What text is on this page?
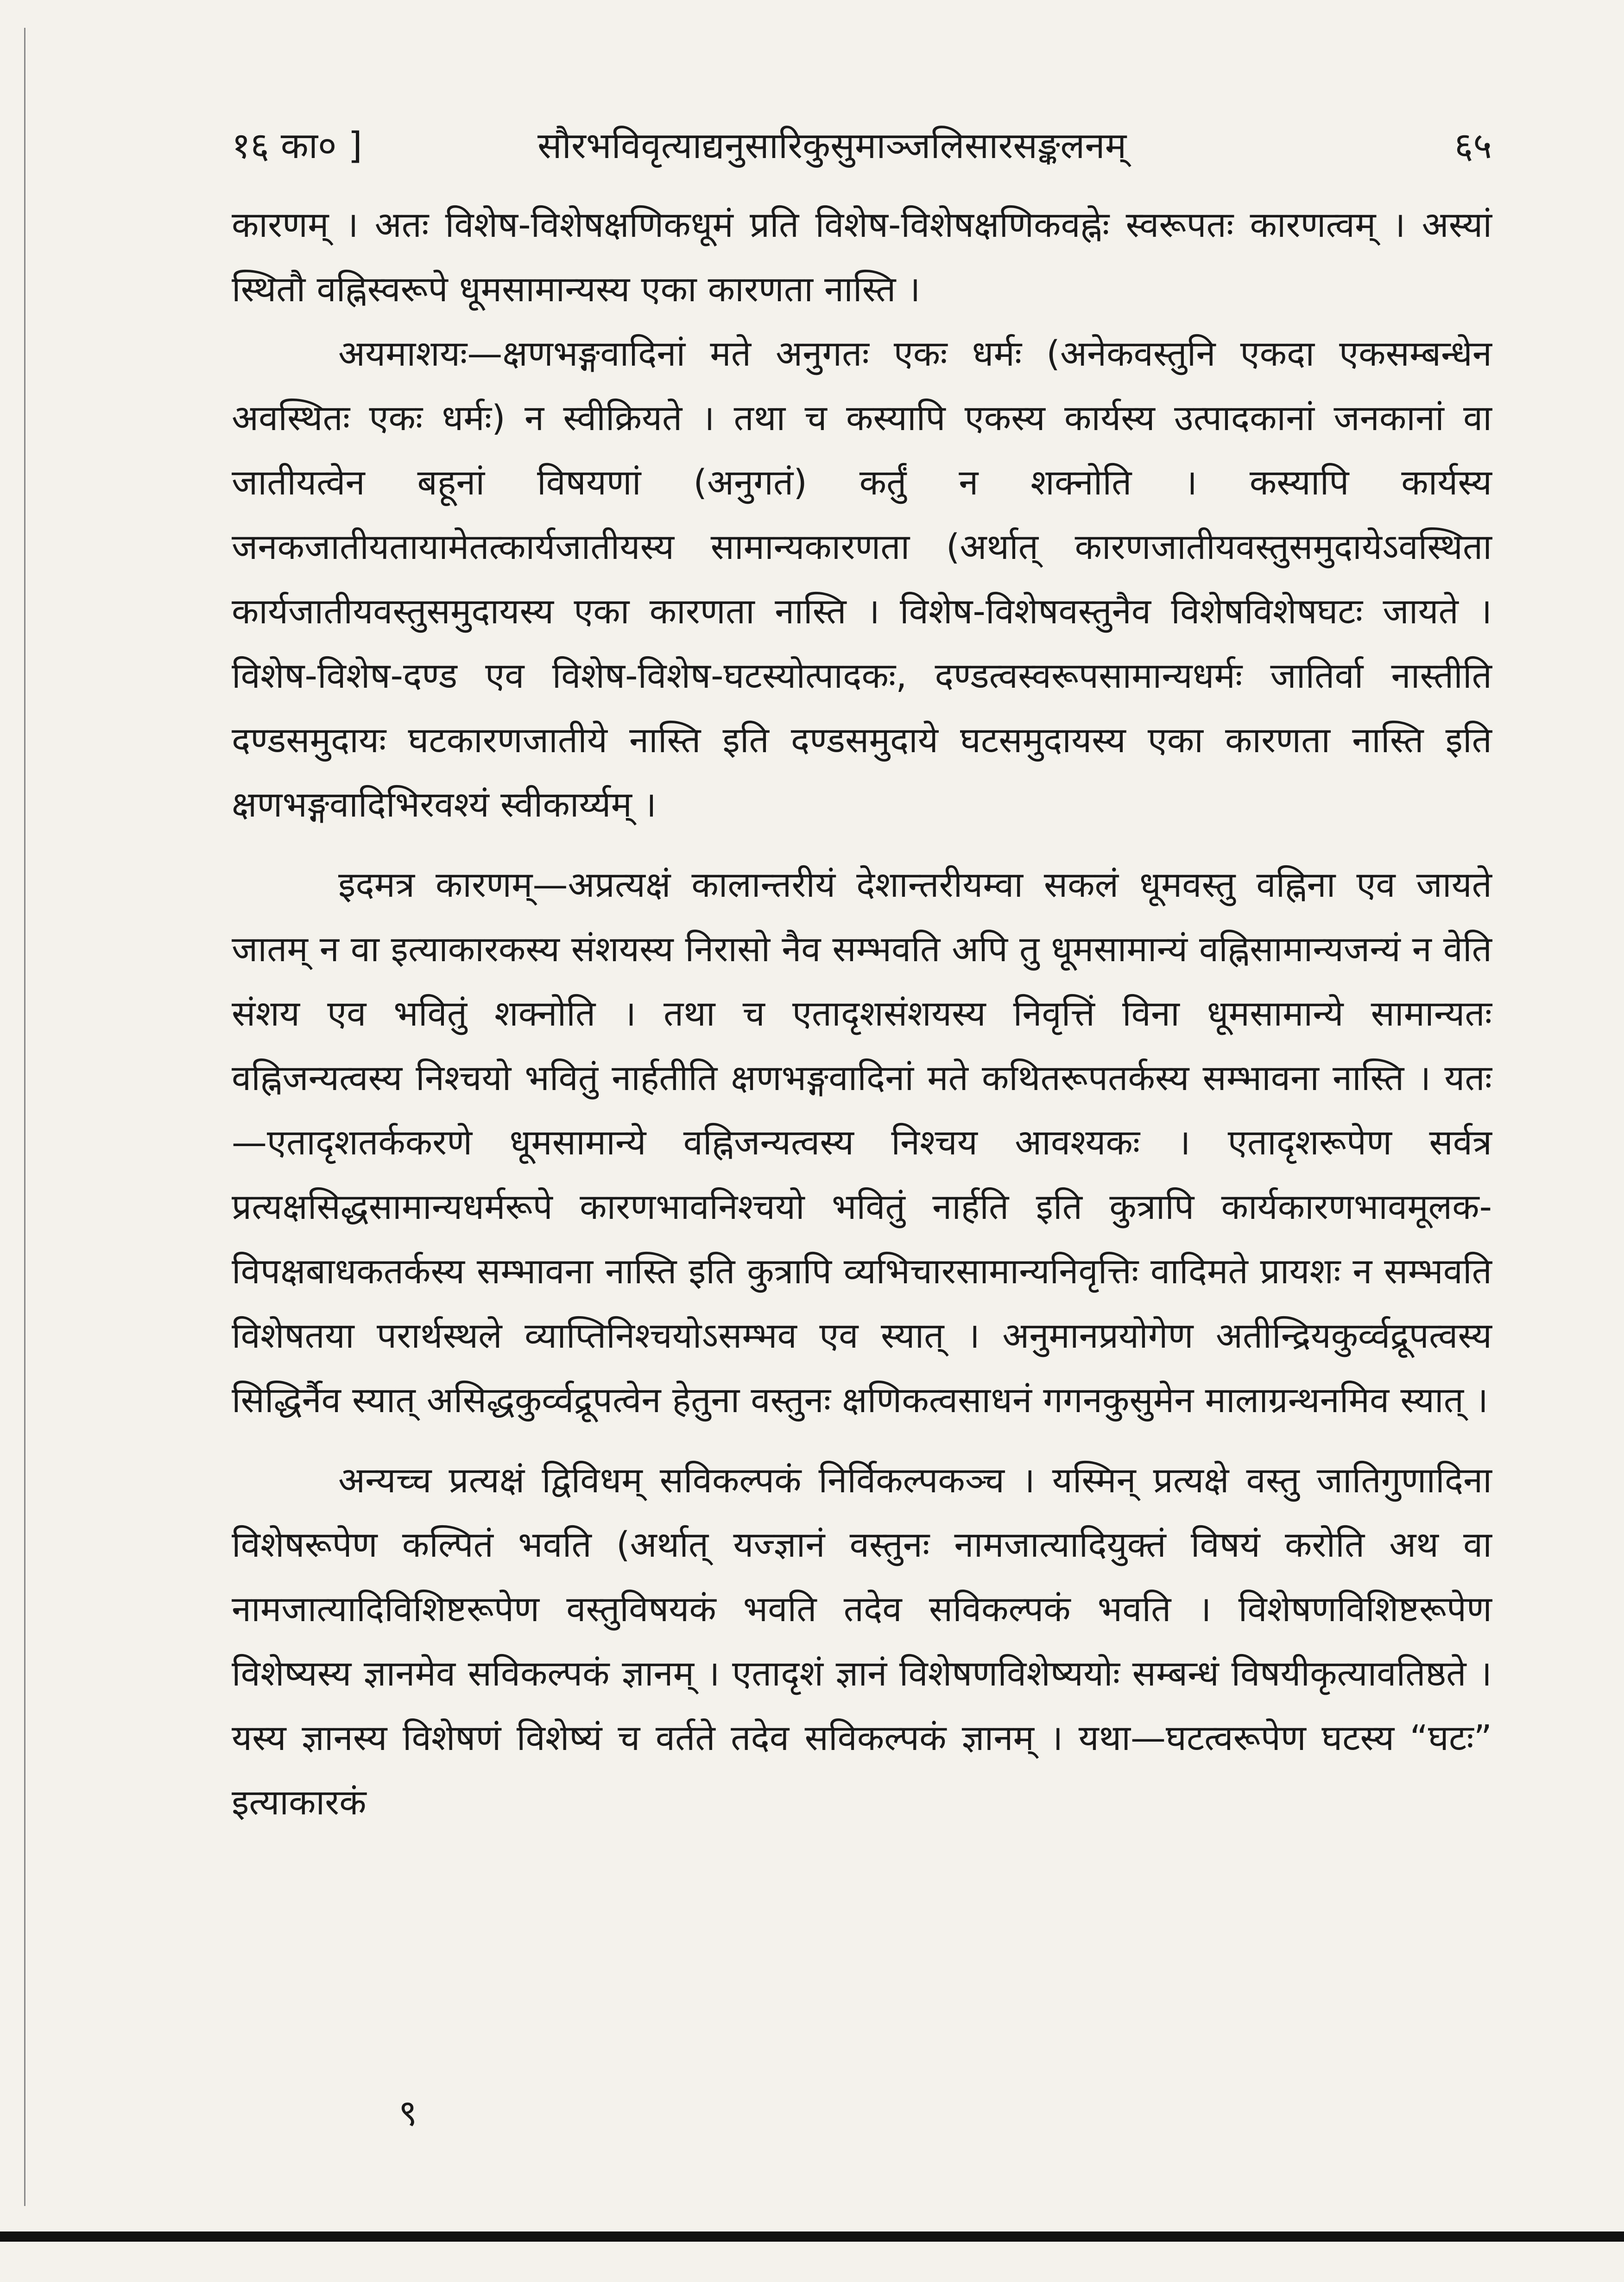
१६ का० ]	सौरभविवृत्याद्यनुसारिकुसुमाञ्जलिसारसङ्कलनम्	६५

कारणम् । अतः विशेष-विशेषक्षणिकधूमं प्रति विशेष-विशेषक्षणिकवह्नेः स्वरूपतः कारणत्वम् । अस्यां स्थितौ वह्निस्वरूपे धूमसामान्यस्य एका कारणता नास्ति ।

अयमाशयः—क्षणभङ्गवादिनां मते अनुगतः एकः धर्मः (अनेकवस्तुनि एकदा एकसम्बन्धेन अवस्थितः एकः धर्मः) न स्वीक्रियते । तथा च कस्यापि एकस्य कार्यस्य उत्पादकानां जनकानां वा जातीयत्वेन बहूनां विषयणां (अनुगतं) कर्तुं न शक्नोति । कस्यापि कार्यस्य जनकजातीयतायामेतत्कार्यजातीयस्य सामान्यकारणता (अर्थात् कारणजातीयवस्तुसमुदायेऽवस्थिता कार्यजातीयवस्तुसमुदायस्य एका कारणता नास्ति । विशेष-विशेषवस्तुनैव विशेषविशेषघटः जायते । विशेष-विशेष-दण्ड एव विशेष-विशेष-घटस्योत्पादकः, दण्डत्वस्वरूपसामान्यधर्मः जातिर्वा नास्तीति दण्डसमुदायः घटकारणजातीये नास्ति इति दण्डसमुदाये घटसमुदायस्य एका कारणता नास्ति इति क्षणभङ्गवादिभिरवश्यं स्वीकार्य्यम् ।

इदमत्र कारणम्—अप्रत्यक्षं कालान्तरीयं देशान्तरीयम्वा सकलं धूमवस्तु वह्निना एव जायते जातम् न वा इत्याकारकस्य संशयस्य निरासो नैव सम्भवति अपि तु धूमसामान्यं वह्निसामान्यजन्यं न वेति संशय एव भवितुं शक्नोति । तथा च एतादृशसंशयस्य निवृत्तिं विना धूमसामान्ये सामान्यतः वह्निजन्यत्वस्य निश्चयो भवितुं नार्हतीति क्षणभङ्गवादिनां मते कथितरूपतर्कस्य सम्भावना नास्ति । यतः—एतादृशतर्ककरणे धूमसामान्ये वह्निजन्यत्वस्य निश्चय आवश्यकः । एतादृशरूपेण सर्वत्र प्रत्यक्षसिद्धसामान्यधर्मरूपे कारणभावनिश्चयो भवितुं नार्हति इति कुत्रापि कार्यकारणभावमूलक-विपक्षबाधकतर्कस्य सम्भावना नास्ति इति कुत्रापि व्यभिचारसामान्यनिवृत्तिः वादिमते प्रायशः न सम्भवति विशेषतया परार्थस्थले व्याप्तिनिश्चयोऽसम्भव एव स्यात् । अनुमानप्रयोगेण अतीन्द्रियकुर्व्वद्रूपत्वस्य सिद्धिर्नैव स्यात् असिद्धकुर्व्वद्रूपत्वेन हेतुना वस्तुनः क्षणिकत्वसाधनं गगनकुसुमेन मालाग्रन्थनमिव स्यात् ।

अन्यच्च प्रत्यक्षं द्विविधम् सविकल्पकं निर्विकल्पकञ्च । यस्मिन् प्रत्यक्षे वस्तु जातिगुणादिना विशेषरूपेण कल्पितं भवति (अर्थात् यज्ज्ञानं वस्तुनः नामजात्यादियुक्तं विषयं करोति अथ वा नामजात्यादिविशिष्टरूपेण वस्तुविषयकं भवति तदेव सविकल्पकं भवति । विशेषणविशिष्टरूपेण विशेष्यस्य ज्ञानमेव सविकल्पकं ज्ञानम् । एतादृशं ज्ञानं विशेषणविशेष्ययोः सम्बन्धं विषयीकृत्यावतिष्ठते । यस्य ज्ञानस्य विशेषणं विशेष्यं च वर्तते तदेव सविकल्पकं ज्ञानम् । यथा—घटत्वरूपेण घटस्य “घटः” इत्याकारकं

९
